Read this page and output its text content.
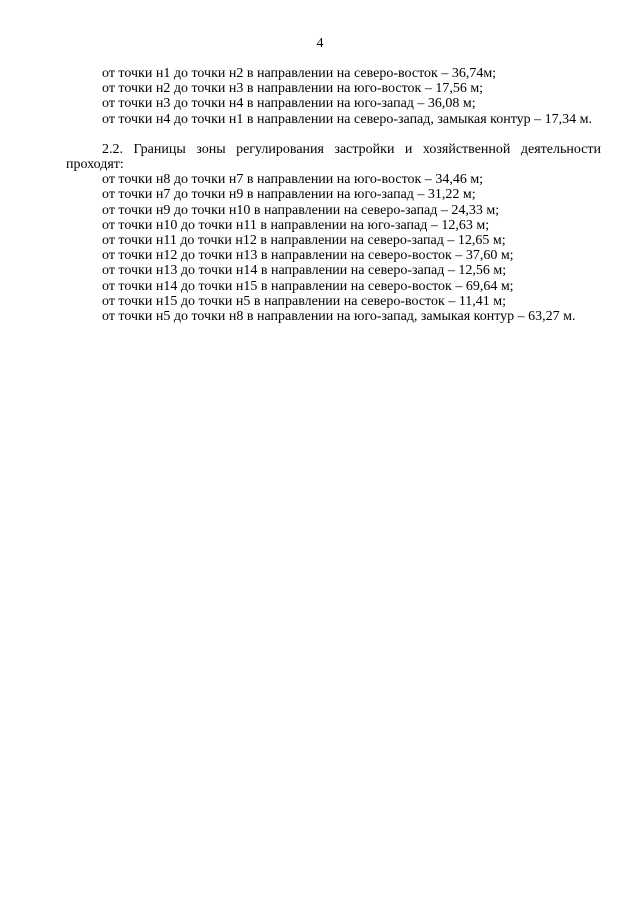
4

от точки н1 до точки н2 в направлении на северо-восток – 36,74м;

от точки н2 до точки н3 в направлении на юго-восток – 17,56 м;

от точки н3 до точки н4 в направлении на юго-запад – 36,08 м;

от точки н4 до точки н1 в направлении на северо-запад, замыкая контур – 17,34 м.

2.2. Границы зоны регулирования застройки и хозяйственной деятельности проходят:

от точки н8 до точки н7 в направлении на юго-восток – 34,46 м;

от точки н7 до точки н9 в направлении на юго-запад – 31,22 м;

от точки н9 до точки н10 в направлении на северо-запад – 24,33 м;

от точки н10 до точки н11 в направлении на юго-запад – 12,63 м;

от точки н11 до точки н12 в направлении на северо-запад – 12,65 м;

от точки н12 до точки н13 в направлении на северо-восток – 37,60 м;

от точки н13 до точки н14 в направлении на северо-запад – 12,56 м;

от точки н14 до точки н15 в направлении на северо-восток – 69,64 м;

от точки н15 до точки н5 в направлении на северо-восток – 11,41 м;

от точки н5 до точки н8 в направлении на юго-запад, замыкая контур – 63,27 м.
